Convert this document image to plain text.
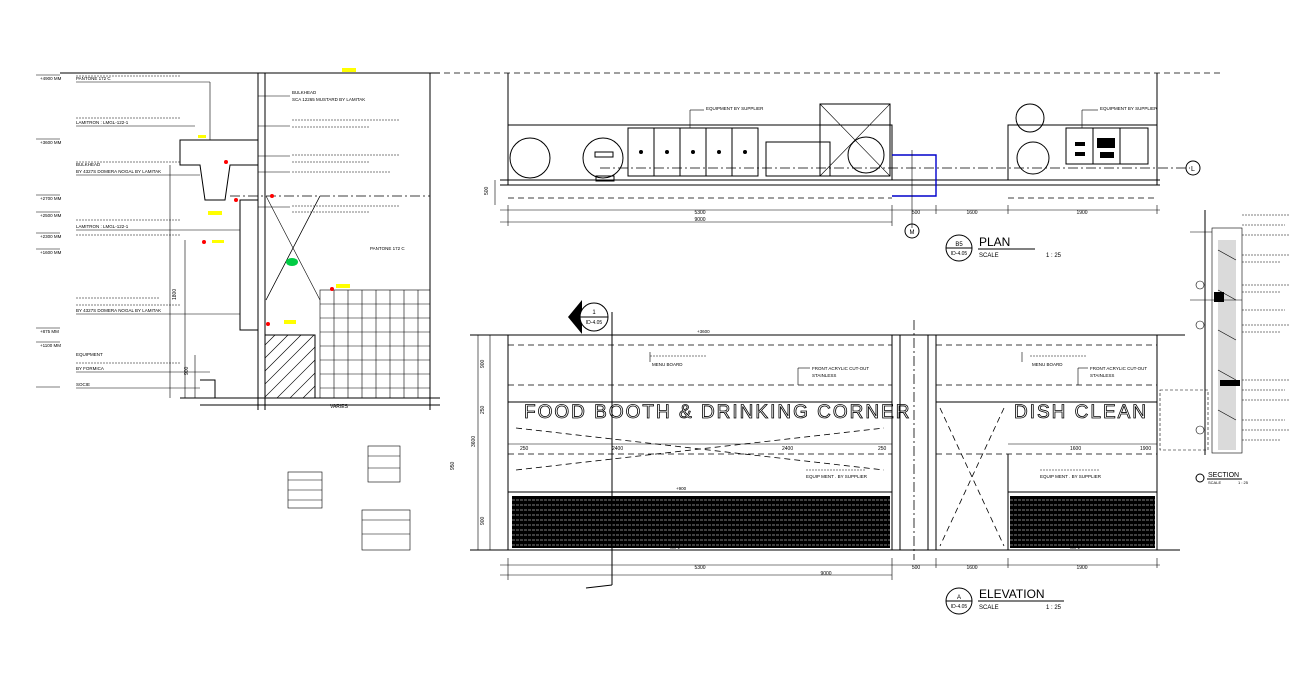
1800
900
VARIES
+4900 MM
+3600 MM
+2700 MM
+2500 MM
+2300 MM
+1600 MM
+875 MM
+1100 MM
PANTONE 172 C
LAMITRON : LMGL-122-1
BULKHEAD
BY 4327S DOMERA NOGAL BY LAMITAK
LAMITRON : LMGL-122-1
BY 4327S DOMERA NOGAL BY LAMITAK
EQUIPMENT
BY FORMICA
SOCIE
BULKHEAD
SCA 12265 MUSTARD BY LAMITAK
PANTONE 172 C
L
M
EQUIPMENT BY SUPPLIER	EQUIPMENT BY SUPPLIER
5300	500	1600	1900
9000
500
B5
ID-4.05
PLAN
SCALE	1 : 25
FOOD BOOTH & DRINKING CORNER	DISH CLEAN
MENU BOARD	MENU BOARD
FRONT ACRYLIC CUT-OUT
STAINLESS
FRONT ACRYLIC CUT-OUT
STAINLESS
EQUIP MENT . BY SUPPLIER	EQUIP MENT . BY SUPPLIER
+3600
+900
SS-1	SS-1
250	2400	2400	250	1600	1900
900
3600
950
900
250
5300	500	1600	1900
9000
1
ID-4.05
A
ID-4.05
ELEVATION
SCALE	1 : 25
SECTION
SCALE	1 : 25
